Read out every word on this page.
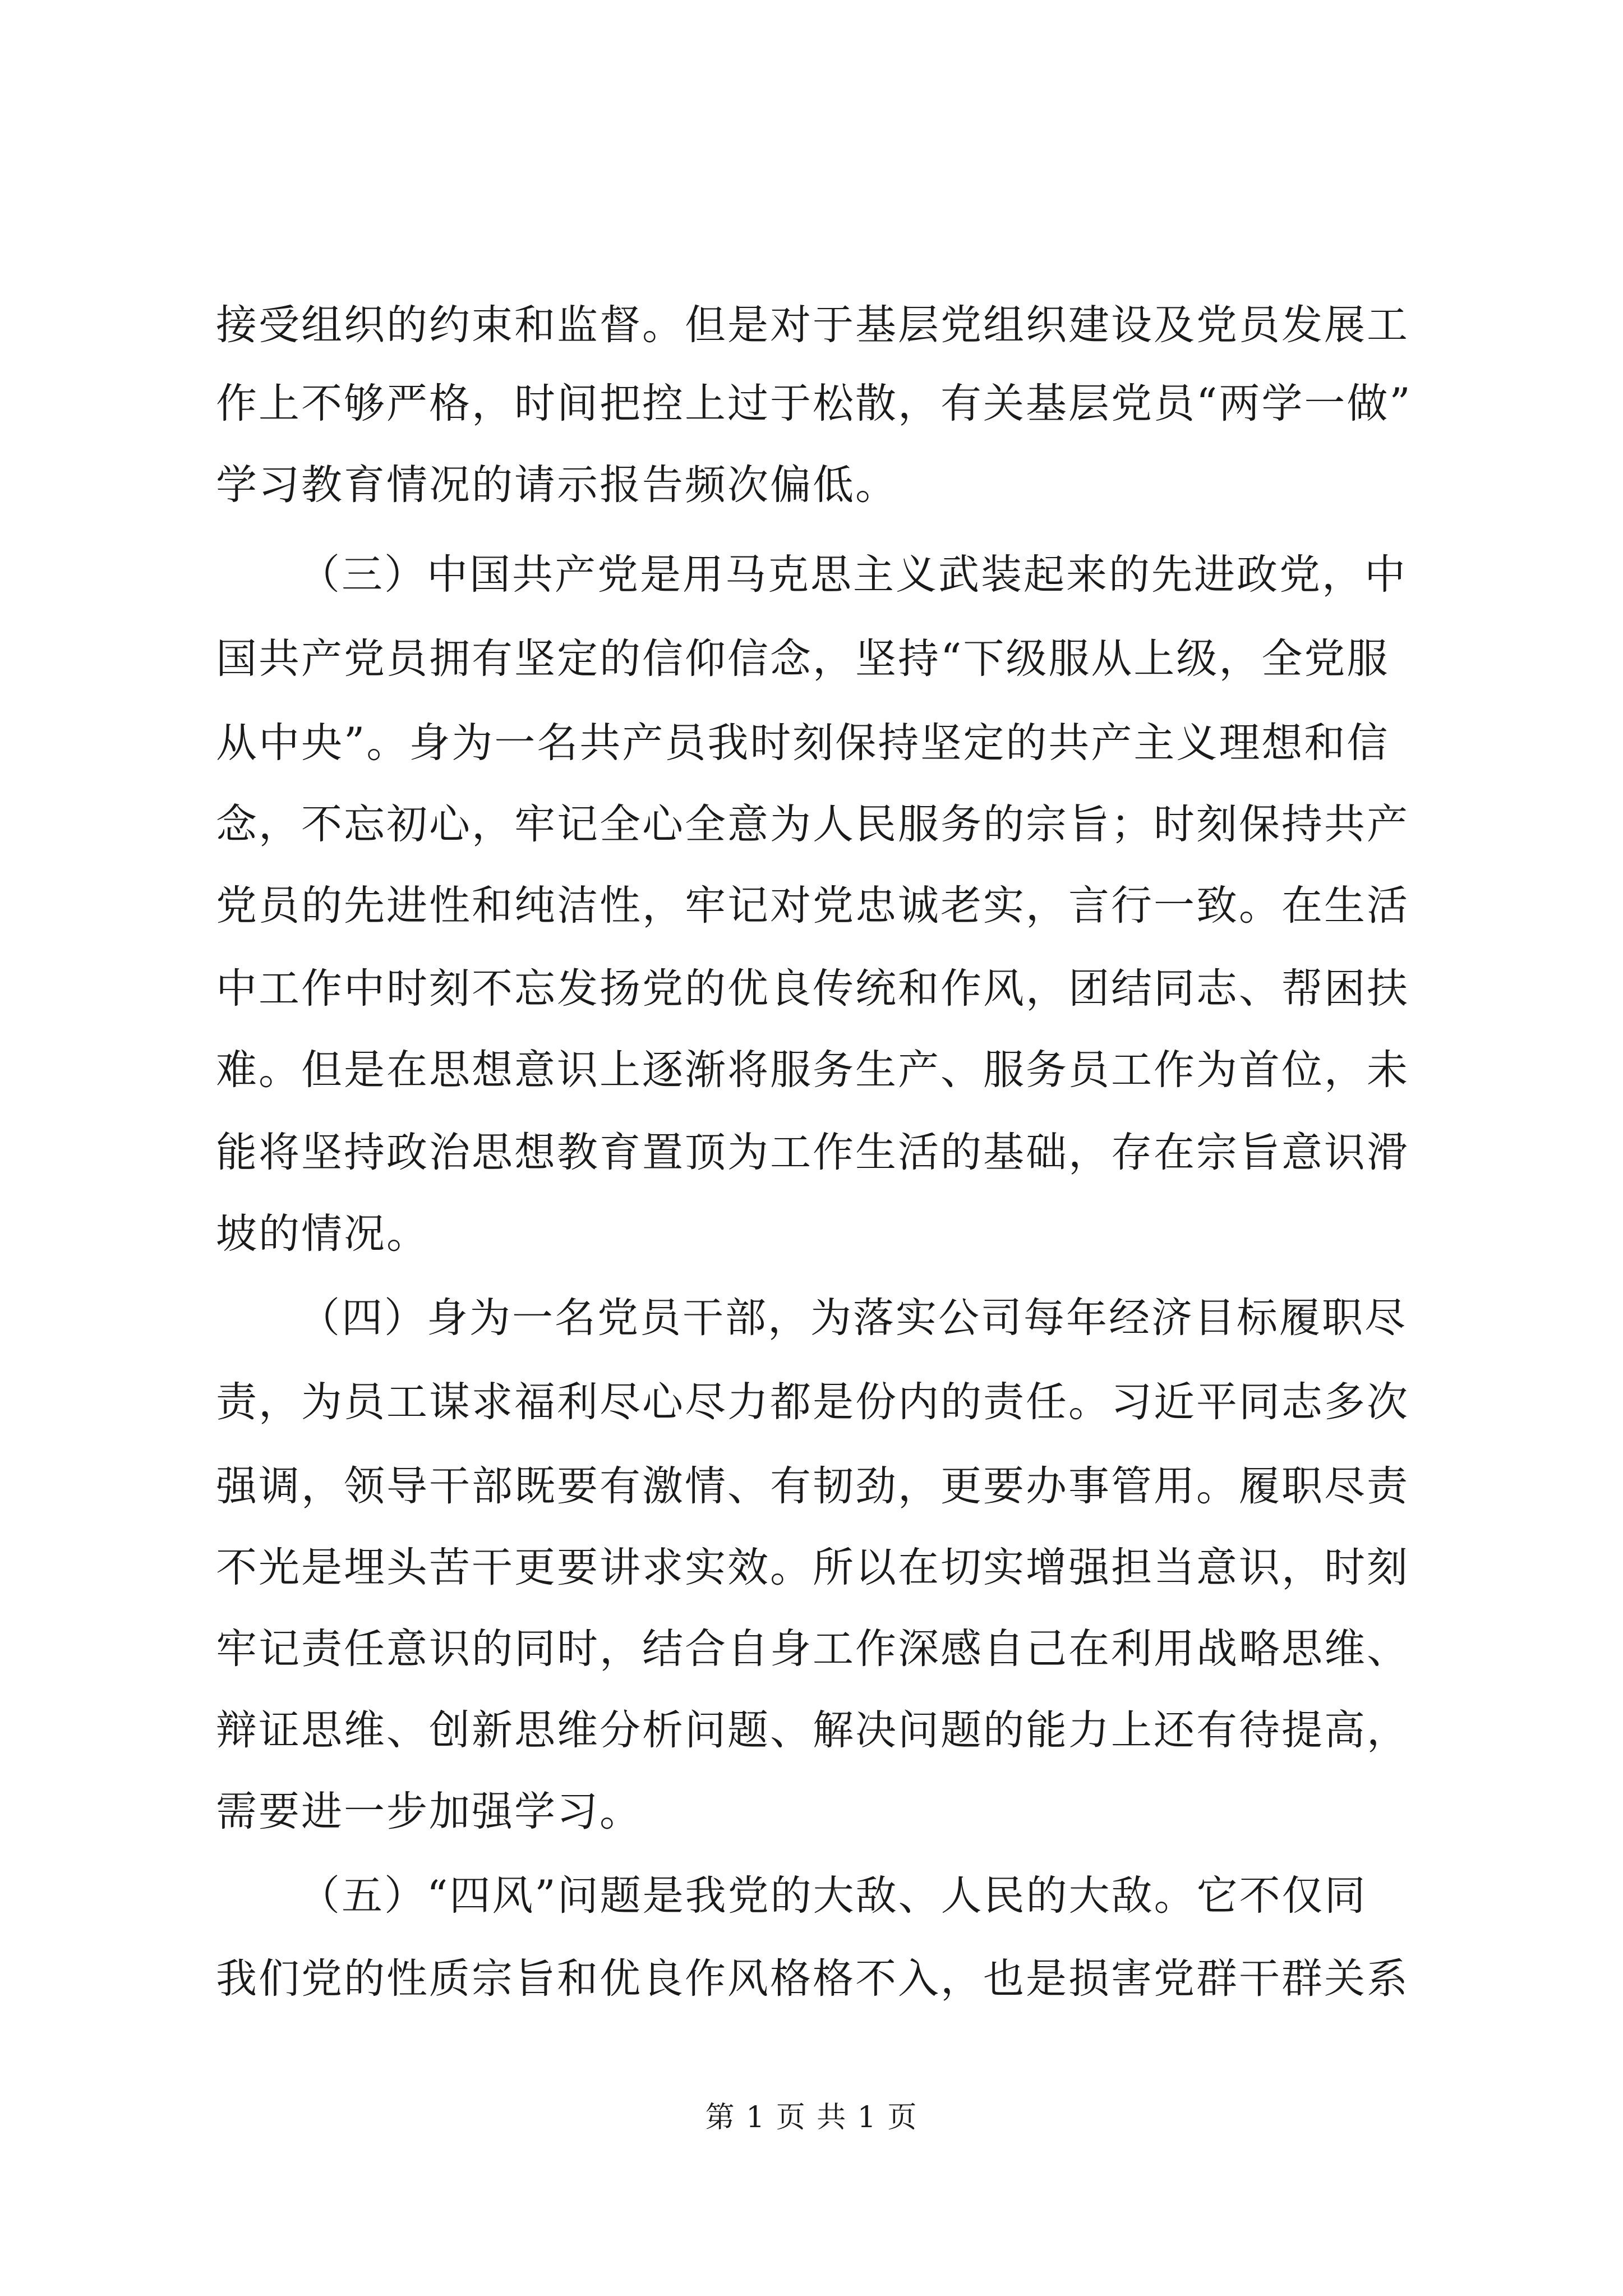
接受组织的约束和监督。但是对于基层党组织建设及党员发展工
作上不够严格，时间把控上过于松散，有关基层党员“两学一做”
学习教育情况的请示报告频次偏低。
（三）中国共产党是用马克思主义武装起来的先进政党，中
国共产党员拥有坚定的信仰信念，坚持“下级服从上级，全党服
从中央”。身为一名共产员我时刻保持坚定的共产主义理想和信
念，不忘初心，牢记全心全意为人民服务的宗旨；时刻保持共产
党员的先进性和纯洁性，牢记对党忠诚老实，言行一致。在生活
中工作中时刻不忘发扬党的优良传统和作风，团结同志、帮困扶
难。但是在思想意识上逐渐将服务生产、服务员工作为首位，未
能将坚持政治思想教育置顶为工作生活的基础，存在宗旨意识滑
坡的情况。
（四）身为一名党员干部，为落实公司每年经济目标履职尽
责，为员工谋求福利尽心尽力都是份内的责任。习近平同志多次
强调，领导干部既要有激情、有韧劲，更要办事管用。履职尽责
不光是埋头苦干更要讲求实效。所以在切实增强担当意识，时刻
牢记责任意识的同时，结合自身工作深感自己在利用战略思维、
辩证思维、创新思维分析问题、解决问题的能力上还有待提高，
需要进一步加强学习。
（五）“四风”问题是我党的大敌、人民的大敌。它不仅同
我们党的性质宗旨和优良作风格格不入，也是损害党群干群关系
第 1 页 共 1 页
